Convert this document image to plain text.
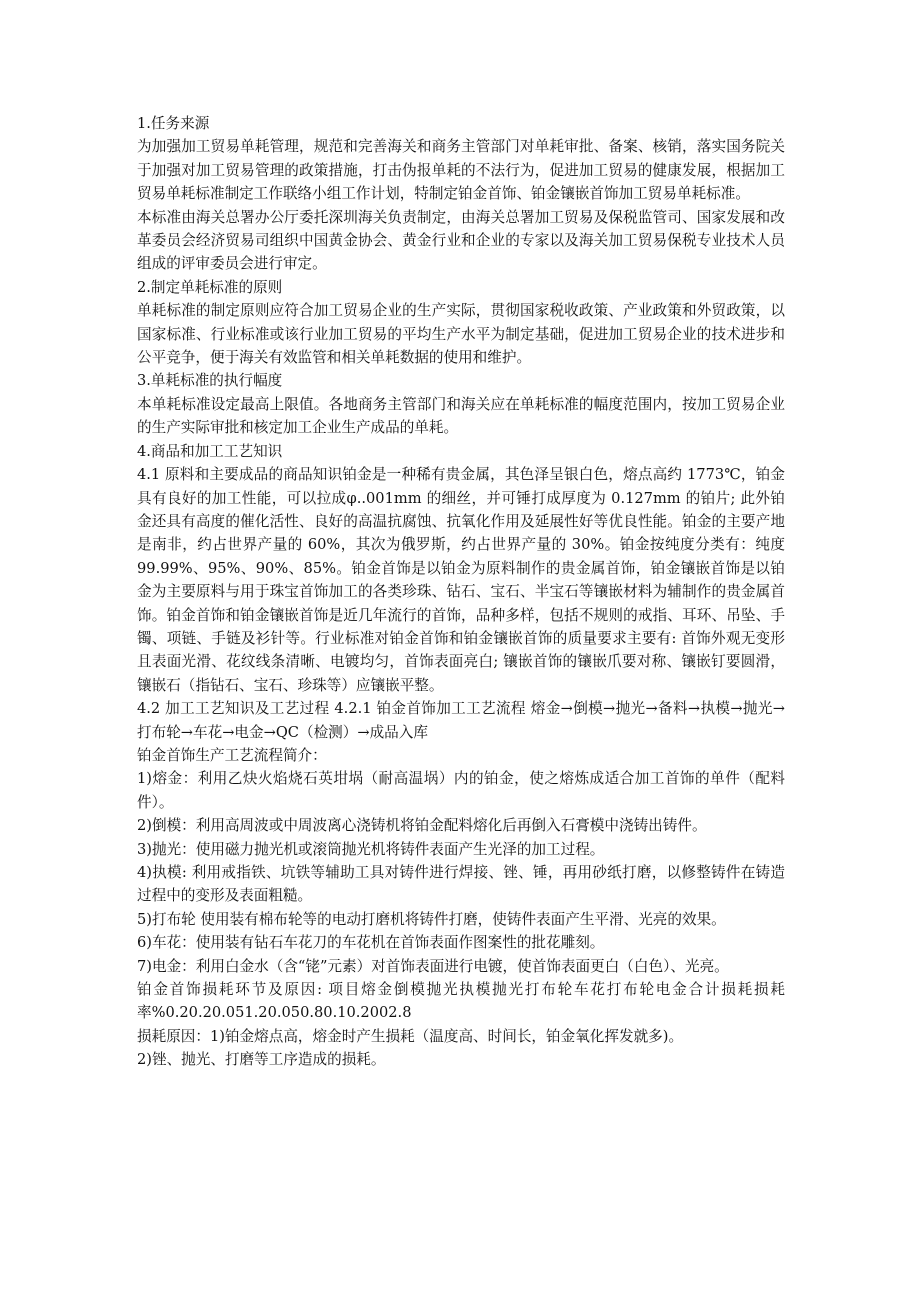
1.任务来源

为加强加工贸易单耗管理，规范和完善海关和商务主管部门对单耗审批、备案、核销，落实国务院关于加强对加工贸易管理的政策措施，打击伪报单耗的不法行为，促进加工贸易的健康发展，根据加工贸易单耗标准制定工作联络小组工作计划，特制定铂金首饰、铂金镶嵌首饰加工贸易单耗标准。

本标准由海关总署办公厅委托深圳海关负责制定，由海关总署加工贸易及保税监管司、国家发展和改革委员会经济贸易司组织中国黄金协会、黄金行业和企业的专家以及海关加工贸易保税专业技术人员组成的评审委员会进行审定。

2.制定单耗标准的原则

单耗标准的制定原则应符合加工贸易企业的生产实际，贯彻国家税收政策、产业政策和外贸政策，以国家标准、行业标准或该行业加工贸易的平均生产水平为制定基础，促进加工贸易企业的技术进步和公平竞争，便于海关有效监管和相关单耗数据的使用和维护。

3.单耗标准的执行幅度

本单耗标准设定最高上限值。各地商务主管部门和海关应在单耗标准的幅度范围内，按加工贸易企业的生产实际审批和核定加工企业生产成品的单耗。

4.商品和加工工艺知识

4.1 原料和主要成品的商品知识铂金是一种稀有贵金属，其色泽呈银白色，熔点高约 1773℃，铂金具有良好的加工性能，可以拉成φ..001mm 的细丝，并可锤打成厚度为 0.127mm 的铂片; 此外铂金还具有高度的催化活性、良好的高温抗腐蚀、抗氧化作用及延展性好等优良性能。铂金的主要产地是南非，约占世界产量的 60%，其次为俄罗斯，约占世界产量的 30%。铂金按纯度分类有：纯度 99.99%、95%、90%、85%。铂金首饰是以铂金为原料制作的贵金属首饰，铂金镶嵌首饰是以铂金为主要原料与用于珠宝首饰加工的各类珍珠、钻石、宝石、半宝石等镶嵌材料为辅制作的贵金属首饰。铂金首饰和铂金镶嵌首饰是近几年流行的首饰，品种多样，包括不规则的戒指、耳环、吊坠、手镯、项链、手链及衫针等。行业标准对铂金首饰和铂金镶嵌首饰的质量要求主要有: 首饰外观无变形且表面光滑、花纹线条清晰、电镀均匀，首饰表面亮白; 镶嵌首饰的镶嵌爪要对称、镶嵌钉要圆滑，镶嵌石（指钻石、宝石、珍珠等）应镶嵌平整。

4.2 加工工艺知识及工艺过程 4.2.1 铂金首饰加工工艺流程 熔金→倒模→抛光→备料→执模→抛光→打布轮→车花→电金→QC（检测）→成品入库

铂金首饰生产工艺流程简介：

1)熔金：利用乙炔火焰烧石英坩埚（耐高温埚）内的铂金，使之熔炼成适合加工首饰的单件（配料件）。

2)倒模：利用高周波或中周波离心浇铸机将铂金配料熔化后再倒入石膏模中浇铸出铸件。

3)抛光：使用磁力抛光机或滚筒抛光机将铸件表面产生光泽的加工过程。

4)执模: 利用戒指铁、坑铁等辅助工具对铸件进行焊接、锉、锤，再用砂纸打磨，以修整铸件在铸造过程中的变形及表面粗糙。

5)打布轮 使用装有棉布轮等的电动打磨机将铸件打磨，使铸件表面产生平滑、光亮的效果。

6)车花：使用装有钻石车花刀的车花机在首饰表面作图案性的批花雕刻。

7)电金：利用白金水（含“铑”元素）对首饰表面进行电镀，使首饰表面更白（白色）、光亮。

铂金首饰损耗环节及原因: 项目熔金倒模抛光执模抛光打布轮车花打布轮电金合计损耗损耗率%0.20.20.051.20.050.80.10.2002.8

损耗原因：1)铂金熔点高，熔金时产生损耗（温度高、时间长，铂金氧化挥发就多)。

2)锉、抛光、打磨等工序造成的损耗。
